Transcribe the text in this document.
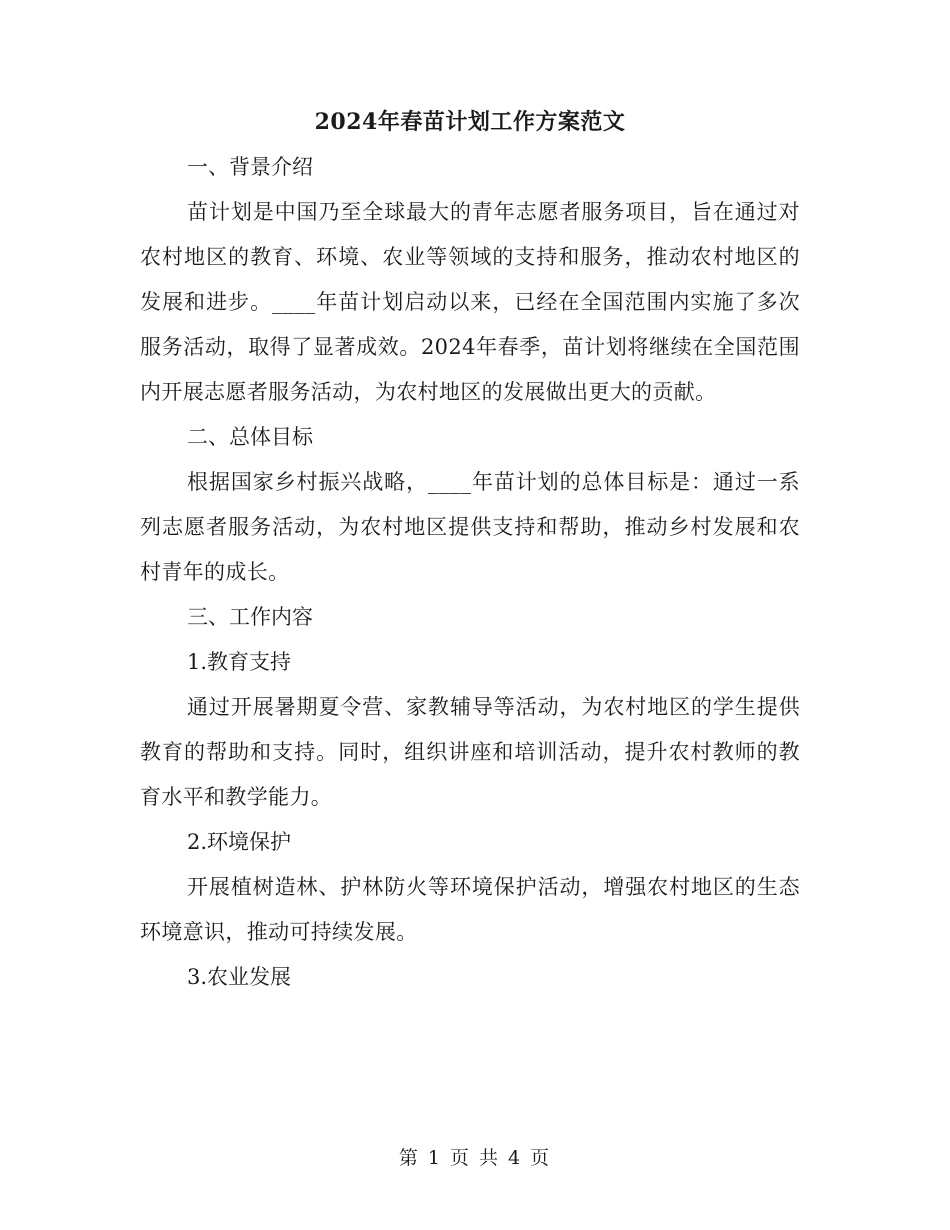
2024年春苗计划工作方案范文

一、背景介绍

苗计划是中国乃至全球最大的青年志愿者服务项目，旨在通过对农村地区的教育、环境、农业等领域的支持和服务，推动农村地区的发展和进步。____年苗计划启动以来，已经在全国范围内实施了多次服务活动，取得了显著成效。2024年春季，苗计划将继续在全国范围内开展志愿者服务活动，为农村地区的发展做出更大的贡献。

二、总体目标

根据国家乡村振兴战略，____年苗计划的总体目标是：通过一系列志愿者服务活动，为农村地区提供支持和帮助，推动乡村发展和农村青年的成长。

三、工作内容

1.教育支持

通过开展暑期夏令营、家教辅导等活动，为农村地区的学生提供教育的帮助和支持。同时，组织讲座和培训活动，提升农村教师的教育水平和教学能力。

2.环境保护

开展植树造林、护林防火等环境保护活动，增强农村地区的生态环境意识，推动可持续发展。

3.农业发展

第 1 页 共 4 页
